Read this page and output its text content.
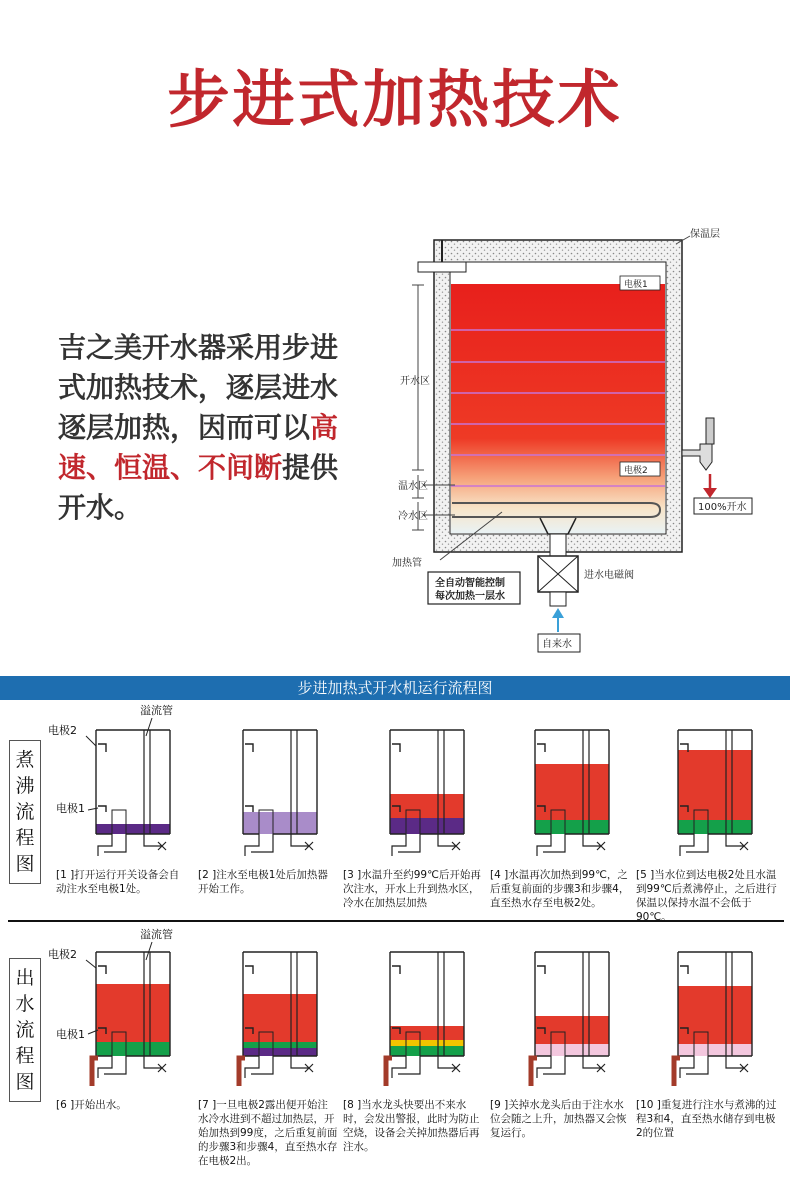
步进式加热技术
吉之美开水器采用步进式加热技术，逐层进水逐层加热，因而可以高速、恒温、不间断提供开水。
保温层
电极1
电极2
开水区
温水区
冷水区
加热管
全自动智能控制
每次加热一层水
进水电磁阀
自来水
100%开水
步进加热式开水机运行流程图
煮沸流程图
出水流程图
电极2
溢流管
电极1
电极2
溢流管
电极1
[1 ]打开运行开关设备会自动注水至电极1处。
[2 ]注水至电极1处后加热器开始工作。
[3 ]水温升至约99℃后开始再次注水，开水上升到热水区，冷水在加热层加热
[4 ]水温再次加热到99℃，之后重复前面的步骤3和步骤4，直至热水存至电极2处。
[5 ]当水位到达电极2处且水温到99℃后煮沸停止，之后进行保温以保持水温不会低于90℃。
[6 ]开始出水。	[7 ]一旦电极2露出便开始注水冷水进到不超过加热层，开始加热到99度，之后重复前面的步骤3和步骤4，直至热水存在电极2出。
[8 ]当水龙头快要出不来水时，会发出警报，此时为防止空烧，设备会关掉加热器后再注水。
[9 ]关掉水龙头后由于注水水位会随之上升，加热器又会恢复运行。
[10 ]重复进行注水与煮沸的过程3和4，直至热水储存到电极2的位置
